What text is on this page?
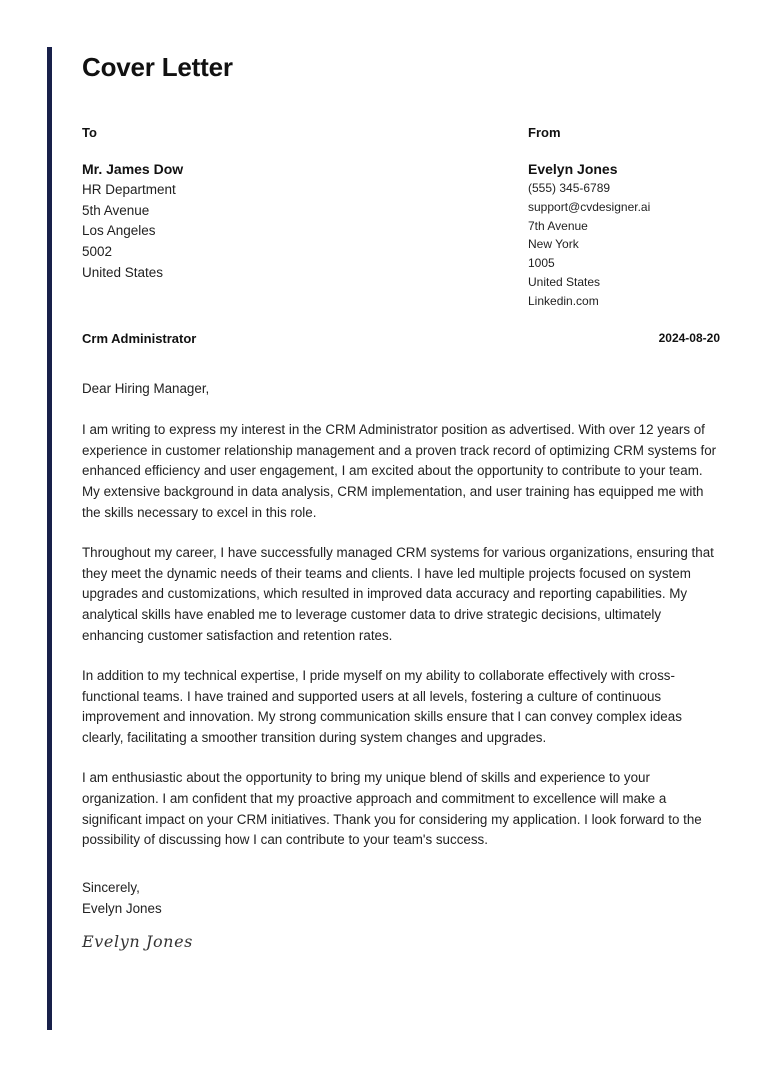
Cover Letter
To	From
Mr. James Dow
HR Department
5th Avenue
Los Angeles
5002
United States
Evelyn Jones
(555) 345-6789
support@cvdesigner.ai
7th Avenue
New York
1005
United States
Linkedin.com
Crm Administrator	2024-08-20

Dear Hiring Manager,

I am writing to express my interest in the CRM Administrator position as advertised. With over 12 years of experience in customer relationship management and a proven track record of optimizing CRM systems for enhanced efficiency and user engagement, I am excited about the opportunity to contribute to your team. My extensive background in data analysis, CRM implementation, and user training has equipped me with the skills necessary to excel in this role.

Throughout my career, I have successfully managed CRM systems for various organizations, ensuring that they meet the dynamic needs of their teams and clients. I have led multiple projects focused on system upgrades and customizations, which resulted in improved data accuracy and reporting capabilities. My analytical skills have enabled me to leverage customer data to drive strategic decisions, ultimately enhancing customer satisfaction and retention rates.

In addition to my technical expertise, I pride myself on my ability to collaborate effectively with cross-functional teams. I have trained and supported users at all levels, fostering a culture of continuous improvement and innovation. My strong communication skills ensure that I can convey complex ideas clearly, facilitating a smoother transition during system changes and upgrades.

I am enthusiastic about the opportunity to bring my unique blend of skills and experience to your organization. I am confident that my proactive approach and commitment to excellence will make a significant impact on your CRM initiatives. Thank you for considering my application. I look forward to the possibility of discussing how I can contribute to your team's success.

Sincerely,
Evelyn Jones
Evelyn Jones
